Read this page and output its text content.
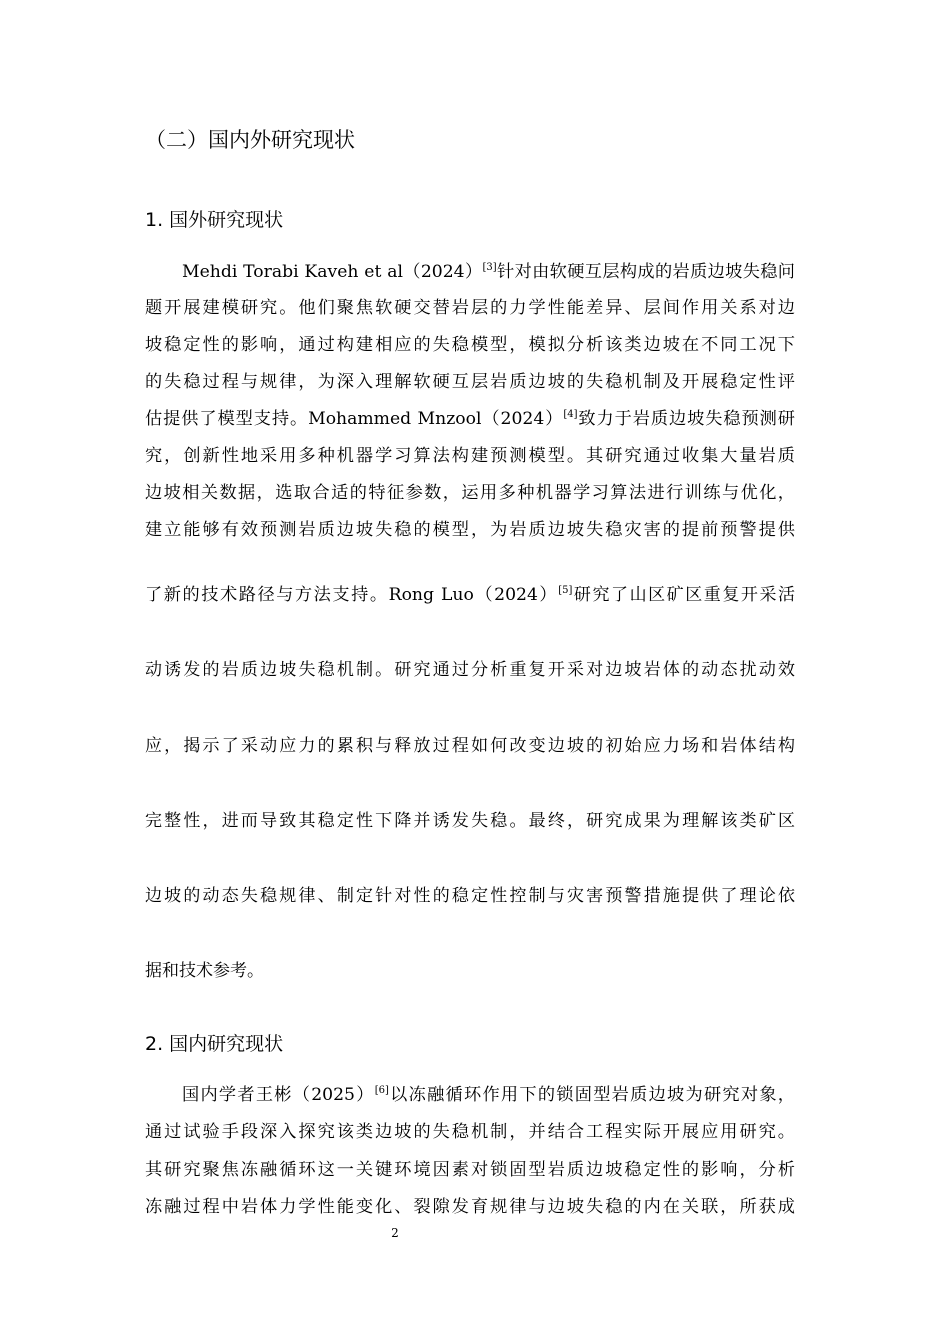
（二）国内外研究现状
1. 国外研究现状
Mehdi Torabi Kaveh et al（2024）[3]针对由软硬互层构成的岩质边坡失稳问
题开展建模研究。他们聚焦软硬交替岩层的力学性能差异、层间作用关系对边
坡稳定性的影响，通过构建相应的失稳模型，模拟分析该类边坡在不同工况下
的失稳过程与规律，为深入理解软硬互层岩质边坡的失稳机制及开展稳定性评
估提供了模型支持。Mohammed Mnzool（2024）[4]致力于岩质边坡失稳预测研
究，创新性地采用多种机器学习算法构建预测模型。其研究通过收集大量岩质
边坡相关数据，选取合适的特征参数，运用多种机器学习算法进行训练与优化，
建立能够有效预测岩质边坡失稳的模型，为岩质边坡失稳灾害的提前预警提供
了新的技术路径与方法支持。Rong Luo（2024）[5]研究了山区矿区重复开采活
动诱发的岩质边坡失稳机制。研究通过分析重复开采对边坡岩体的动态扰动效
应，揭示了采动应力的累积与释放过程如何改变边坡的初始应力场和岩体结构
完整性，进而导致其稳定性下降并诱发失稳。最终，研究成果为理解该类矿区
边坡的动态失稳规律、制定针对性的稳定性控制与灾害预警措施提供了理论依
据和技术参考。
2. 国内研究现状
国内学者王彬（2025）[6]以冻融循环作用下的锁固型岩质边坡为研究对象，
通过试验手段深入探究该类边坡的失稳机制，并结合工程实际开展应用研究。
其研究聚焦冻融循环这一关键环境因素对锁固型岩质边坡稳定性的影响，分析
冻融过程中岩体力学性能变化、裂隙发育规律与边坡失稳的内在关联，所获成
2
